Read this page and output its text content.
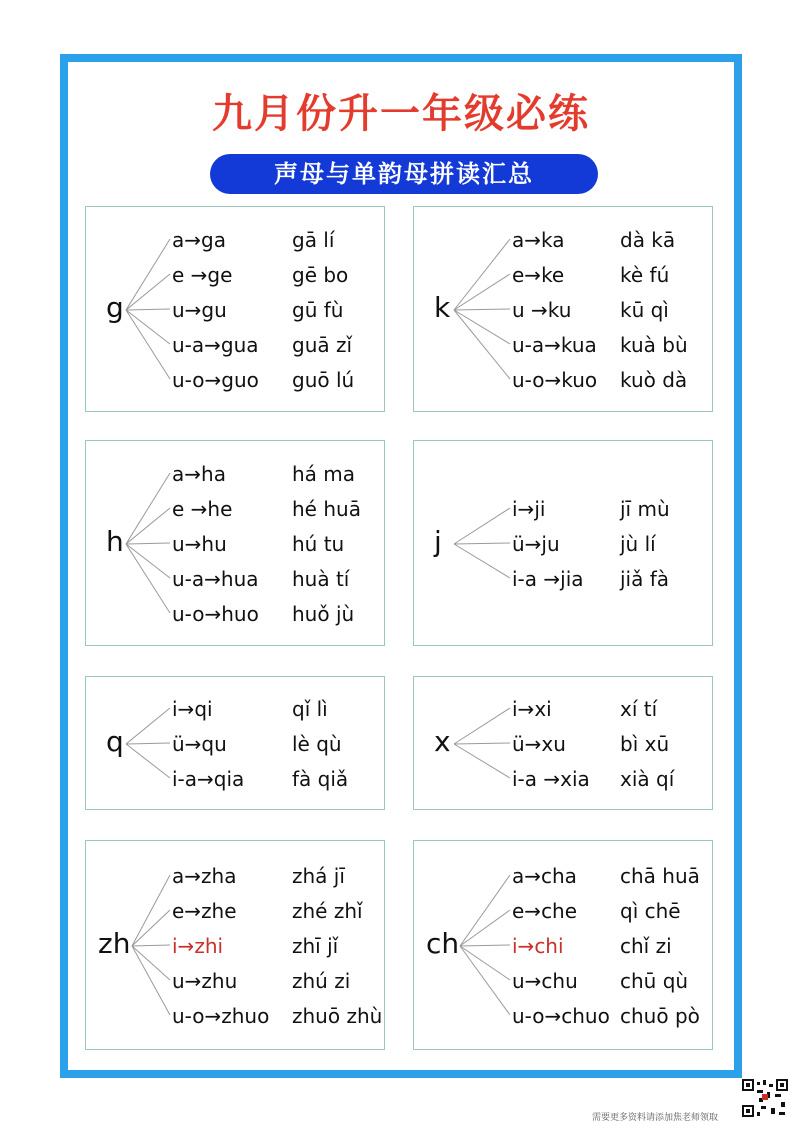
九月份升一年级必练
声母与单韵母拼读汇总
g
a→ga	gā lí
e →ge	gē bo
u→gu	gū fù
u-a→gua guā zǐ
u-o→guo guō lú
k
a→ka	dà kā
e→ke	kè fú
u →ku kū qì
u-a→kua kuà bù
u-o→kuo kuò dà
h
a→ha	há ma
e →he	hé huā
u→hu	hú tu
u-a→hua huà tí
u-o→huo huǒ jù
j
i→ji	jī mù
ü→ju	jù lí
i-a →jia jiǎ fà
q
i→qi	qǐ lì
ü→qu	lè qù
i-a→qia fà qiǎ
x
i→xi	xí tí
ü→xu	bì xū
i-a →xia xià qí
zh
a→zha	zhá jī
e→zhe	zhé zhǐ
i→zhi	zhī jǐ
u→zhu	zhú zi
u-o→zhuo zhuō zhù
ch
a→cha chā huā
e→che qì chē
i→chi	chǐ zi
u→chu chū qù
u-o→chuo chuō pò
需要更多资料请添加焦老师领取
